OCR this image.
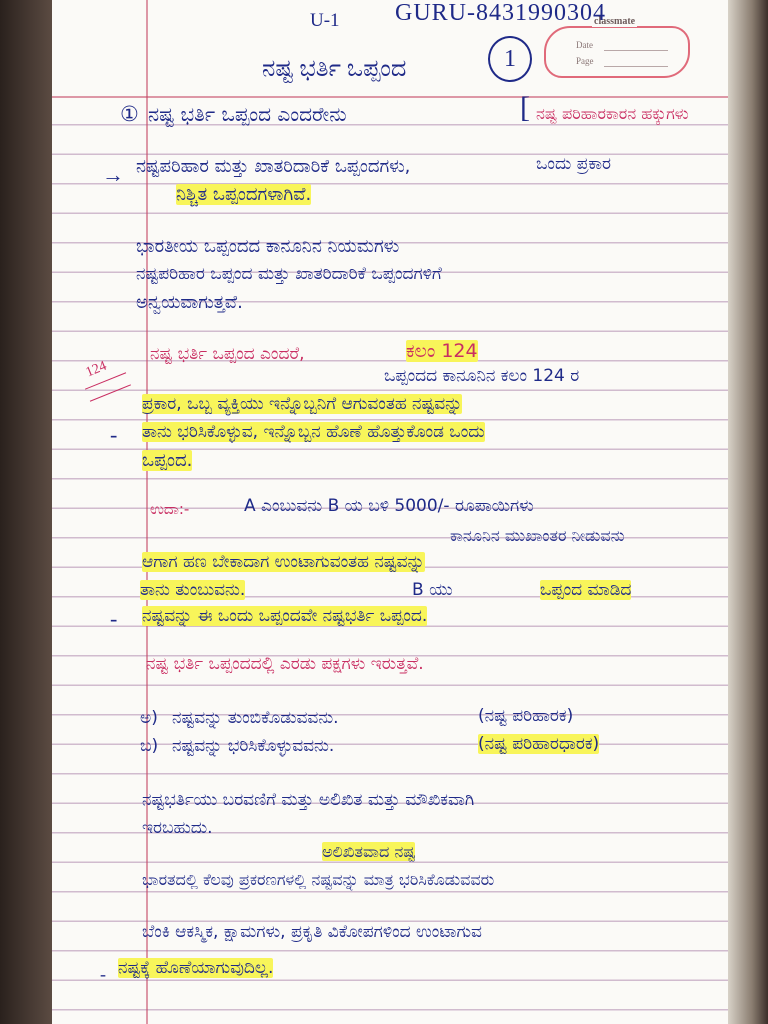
classmate
Date
Page
U-1 GURU-8431990304
ನಷ್ಟ ಭರ್ತಿ ಒಪ್ಪಂದ	1
① ನಷ್ಟ ಭರ್ತಿ ಒಪ್ಪಂದ ಎಂದರೇನು	[ ನಷ್ಟ ಪರಿಹಾರಕಾರನ ಹಕ್ಕುಗಳು
→ ನಷ್ಟಪರಿಹಾರ ಮತ್ತು ಖಾತರಿದಾರಿಕೆ ಒಪ್ಪಂದಗಳು,	ಒಂದು ಪ್ರಕಾರ
ನಿಶ್ಚಿತ ಒಪ್ಪಂದಗಳಾಗಿವೆ.
ಭಾರತೀಯ ಒಪ್ಪಂದದ ಕಾನೂನಿನ ನಿಯಮಗಳು
ನಷ್ಟಪರಿಹಾರ ಒಪ್ಪಂದ ಮತ್ತು ಖಾತರಿದಾರಿಕೆ ಒಪ್ಪಂದಗಳಿಗೆ
ಅನ್ವಯವಾಗುತ್ತವೆ.
ನಷ್ಟ ಭರ್ತಿ ಒಪ್ಪಂದ ಎಂದರೆ,	ಕಲಂ 124
124	ಒಪ್ಪಂದದ ಕಾನೂನಿನ ಕಲಂ 124 ರ
ಪ್ರಕಾರ, ಒಬ್ಬ ವ್ಯಕ್ತಿಯು ಇನ್ನೊಬ್ಬನಿಗೆ ಆಗುವಂತಹ ನಷ್ಟವನ್ನು
- ತಾನು ಭರಿಸಿಕೊಳ್ಳುವ, ಇನ್ನೊಬ್ಬನ ಹೊಣೆ ಹೊತ್ತುಕೊಂಡ ಒಂದು
ಒಪ್ಪಂದ.
ಉದಾ:-	A ಎಂಬುವನು B ಯ ಬಳಿ 5000/- ರೂಪಾಯಿಗಳು
ಕಾನೂನಿನ ಮುಖಾಂತರ ನೀಡುವನು
ಆಗಾಗ ಹಣ ಬೇಕಾದಾಗ ಉಂಟಾಗುವಂತಹ ನಷ್ಟವನ್ನು
ತಾನು ತುಂಬುವನು.	B ಯು	ಒಪ್ಪಂದ ಮಾಡಿದ
- ನಷ್ಟವನ್ನು ಈ ಒಂದು ಒಪ್ಪಂದವೇ ನಷ್ಟಭರ್ತಿ ಒಪ್ಪಂದ.
ನಷ್ಟ ಭರ್ತಿ ಒಪ್ಪಂದದಲ್ಲಿ ಎರಡು ಪಕ್ಷಗಳು ಇರುತ್ತವೆ.
ಅ) ನಷ್ಟವನ್ನು ತುಂಬಿಕೊಡುವವನು.	(ನಷ್ಟ ಪರಿಹಾರಕ)
ಬ) ನಷ್ಟವನ್ನು ಭರಿಸಿಕೊಳ್ಳುವವನು.	(ನಷ್ಟ ಪರಿಹಾರಧಾರಕ)
ನಷ್ಟಭರ್ತಿಯು ಬರವಣಿಗೆ ಮತ್ತು ಅಲಿಖಿತ ಮತ್ತು ಮೌಖಿಕವಾಗಿ
ಇರಬಹುದು.
ಅಲಿಖಿತವಾದ ನಷ್ಟ
ಭಾರತದಲ್ಲಿ ಕೆಲವು ಪ್ರಕರಣಗಳಲ್ಲಿ ನಷ್ಟವನ್ನು ಮಾತ್ರ ಭರಿಸಿಕೊಡುವವರು
ಬೆಂಕಿ ಆಕಸ್ಮಿಕ, ಕ್ಷಾಮಗಳು, ಪ್ರಕೃತಿ ವಿಕೋಪಗಳಿಂದ ಉಂಟಾಗುವ
- ನಷ್ಟಕ್ಕೆ ಹೊಣೆಯಾಗುವುದಿಲ್ಲ.
